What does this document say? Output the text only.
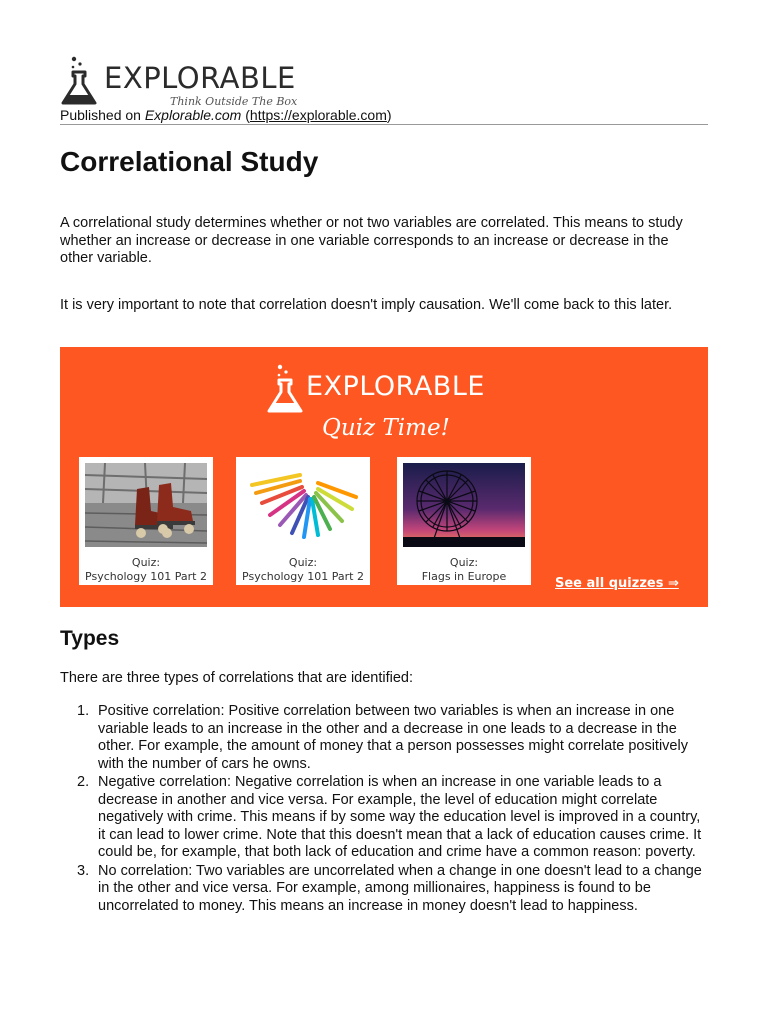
EXPLORABLE
Think Outside The Box
Published on Explorable.com (https://explorable.com)
Correlational Study

A correlational study determines whether or not two variables are correlated. This means to study whether an increase or decrease in one variable corresponds to an increase or decrease in the other variable.

It is very important to note that correlation doesn't imply causation. We'll come back to this later.

EXPLORABLE
Quiz Time!
Quiz:
Psychology 101 Part 2
Quiz:
Psychology 101 Part 2
Quiz:
Flags in Europe	See all quizzes ⇒
Types

There are three types of correlations that are identified:

1. Positive correlation: Positive correlation between two variables is when an increase in one variable leads to an increase in the other and a decrease in one leads to a decrease in the other. For example, the amount of money that a person possesses might correlate positively with the number of cars he owns.
2. Negative correlation: Negative correlation is when an increase in one variable leads to a decrease in another and vice versa. For example, the level of education might correlate negatively with crime. This means if by some way the education level is improved in a country, it can lead to lower crime. Note that this doesn't mean that a lack of education causes crime. It could be, for example, that both lack of education and crime have a common reason: poverty.
3. No correlation: Two variables are uncorrelated when a change in one doesn't lead to a change in the other and vice versa. For example, among millionaires, happiness is found to be uncorrelated to money. This means an increase in money doesn't lead to happiness.
